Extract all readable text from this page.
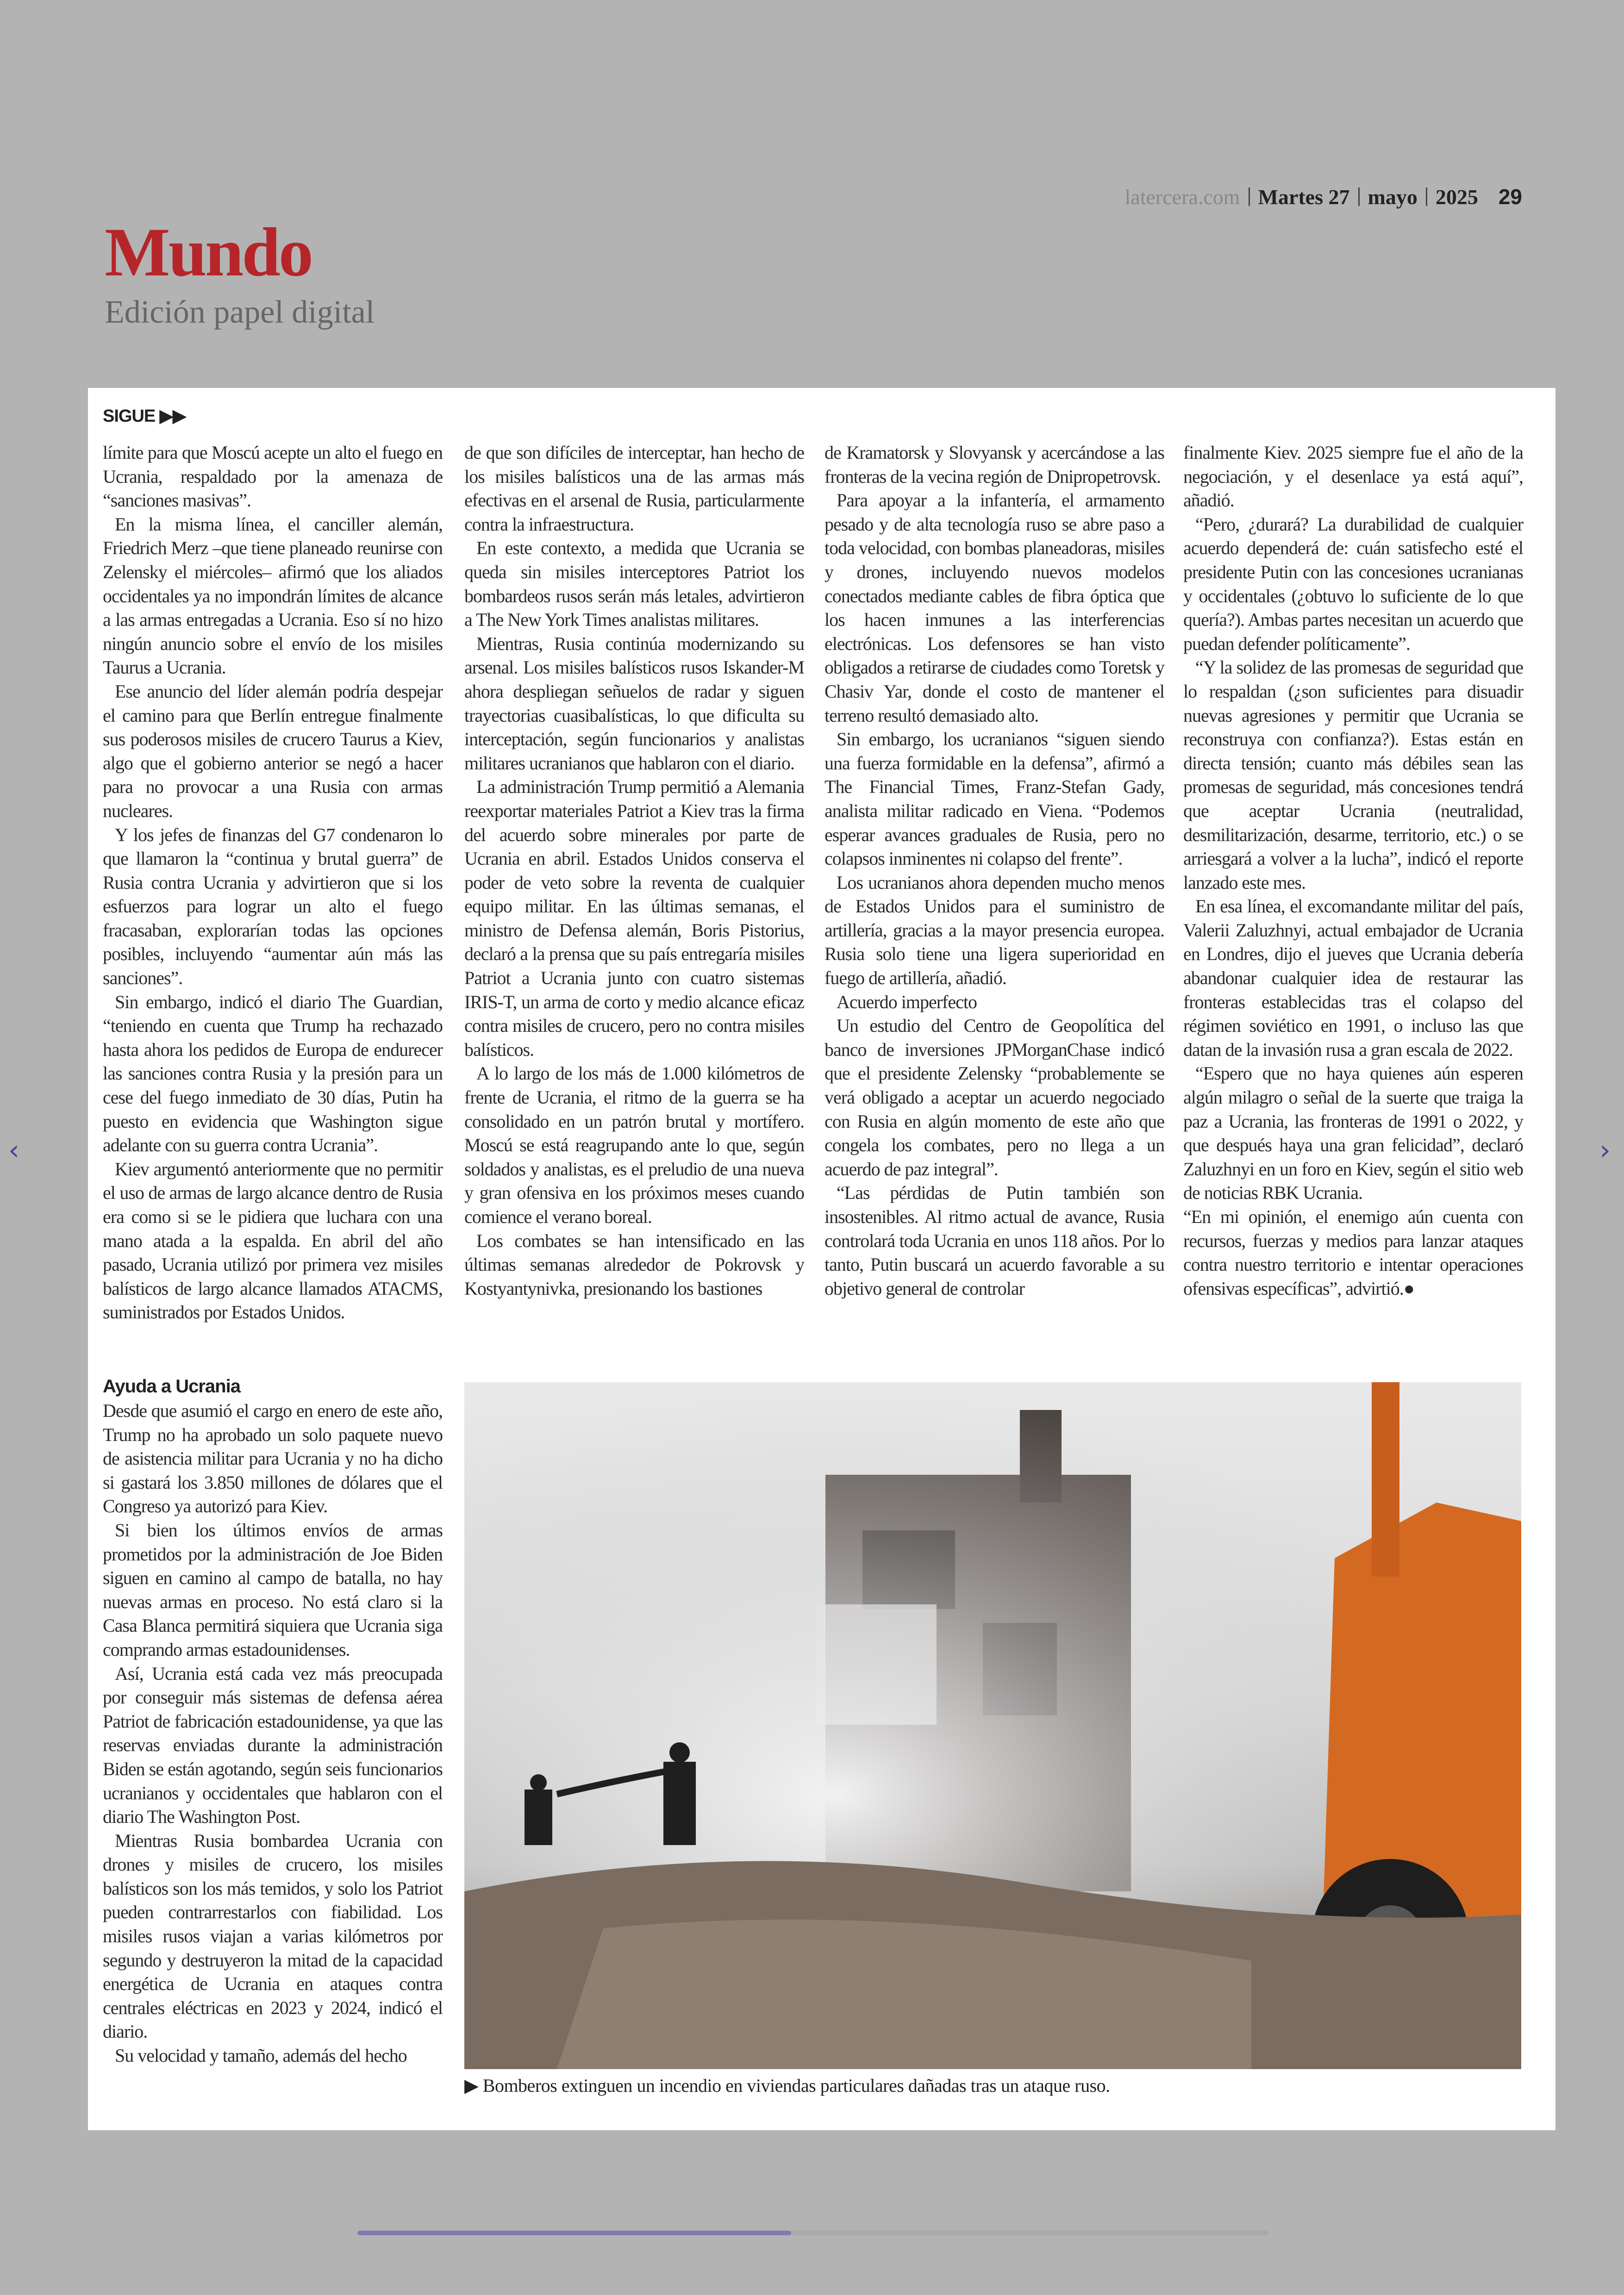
latercera.com Martes 27 mayo 2025 29
Mundo
Edición papel digital
SIGUE ▶▶

límite para que Moscú acepte un alto el fuego en Ucrania, respaldado por la amenaza de “sanciones masivas”.

En la misma línea, el canciller alemán, Friedrich Merz –que tiene planeado reunirse con Zelensky el miércoles– afirmó que los aliados occidentales ya no impondrán límites de alcance a las armas entregadas a Ucrania. Eso sí no hizo ningún anuncio sobre el envío de los misiles Taurus a Ucrania.

Ese anuncio del líder alemán podría despejar el camino para que Berlín entregue finalmente sus poderosos misiles de crucero Taurus a Kiev, algo que el gobierno anterior se negó a hacer para no provocar a una Rusia con armas nucleares.

Y los jefes de finanzas del G7 condenaron lo que llamaron la “continua y brutal guerra” de Rusia contra Ucrania y advirtieron que si los esfuerzos para lograr un alto el fuego fracasaban, explorarían todas las opciones posibles, incluyendo “aumentar aún más las sanciones”.

Sin embargo, indicó el diario The Guardian, “teniendo en cuenta que Trump ha rechazado hasta ahora los pedidos de Europa de endurecer las sanciones contra Rusia y la presión para un cese del fuego inmediato de 30 días, Putin ha puesto en evidencia que Washington sigue adelante con su guerra contra Ucrania”.

Kiev argumentó anteriormente que no permitir el uso de armas de largo alcance dentro de Rusia era como si se le pidiera que luchara con una mano atada a la espalda. En abril del año pasado, Ucrania utilizó por primera vez misiles balísticos de largo alcance llamados ATACMS, suministrados por Estados Unidos.

de que son difíciles de interceptar, han hecho de los misiles balísticos una de las armas más efectivas en el arsenal de Rusia, particularmente contra la infraestructura.

En este contexto, a medida que Ucrania se queda sin misiles interceptores Patriot los bombardeos rusos serán más letales, advirtieron a The New York Times analistas militares.

Mientras, Rusia continúa modernizando su arsenal. Los misiles balísticos rusos Iskander-M ahora despliegan señuelos de radar y siguen trayectorias cuasibalísticas, lo que dificulta su interceptación, según funcionarios y analistas militares ucranianos que hablaron con el diario.

La administración Trump permitió a Alemania reexportar materiales Patriot a Kiev tras la firma del acuerdo sobre minerales por parte de Ucrania en abril. Estados Unidos conserva el poder de veto sobre la reventa de cualquier equipo militar. En las últimas semanas, el ministro de Defensa alemán, Boris Pistorius, declaró a la prensa que su país entregaría misiles Patriot a Ucrania junto con cuatro sistemas IRIS-T, un arma de corto y medio alcance eficaz contra misiles de crucero, pero no contra misiles balísticos.

A lo largo de los más de 1.000 kilómetros de frente de Ucrania, el ritmo de la guerra se ha consolidado en un patrón brutal y mortífero. Moscú se está reagrupando ante lo que, según soldados y analistas, es el preludio de una nueva y gran ofensiva en los próximos meses cuando comience el verano boreal.

Los combates se han intensificado en las últimas semanas alrededor de Pokrovsk y Kostyantynivka, presionando los bastiones

de Kramatorsk y Slovyansk y acercándose a las fronteras de la vecina región de Dnipropetrovsk.

Para apoyar a la infantería, el armamento pesado y de alta tecnología ruso se abre paso a toda velocidad, con bombas planeadoras, misiles y drones, incluyendo nuevos modelos conectados mediante cables de fibra óptica que los hacen inmunes a las interferencias electrónicas. Los defensores se han visto obligados a retirarse de ciudades como Toretsk y Chasiv Yar, donde el costo de mantener el terreno resultó demasiado alto.

Sin embargo, los ucranianos “siguen siendo una fuerza formidable en la defensa”, afirmó a The Financial Times, Franz-Stefan Gady, analista militar radicado en Viena. “Podemos esperar avances graduales de Rusia, pero no colapsos inminentes ni colapso del frente”.

Los ucranianos ahora dependen mucho menos de Estados Unidos para el suministro de artillería, gracias a la mayor presencia europea. Rusia solo tiene una ligera superioridad en fuego de artillería, añadió.

Acuerdo imperfecto

Un estudio del Centro de Geopolítica del banco de inversiones JPMorganChase indicó que el presidente Zelensky “probablemente se verá obligado a aceptar un acuerdo negociado con Rusia en algún momento de este año que congela los combates, pero no llega a un acuerdo de paz integral”.

“Las pérdidas de Putin también son insostenibles. Al ritmo actual de avance, Rusia controlará toda Ucrania en unos 118 años. Por lo tanto, Putin buscará un acuerdo favorable a su objetivo general de controlar

finalmente Kiev. 2025 siempre fue el año de la negociación, y el desenlace ya está aquí”, añadió.

“Pero, ¿durará? La durabilidad de cualquier acuerdo dependerá de: cuán satisfecho esté el presidente Putin con las concesiones ucranianas y occidentales (¿obtuvo lo suficiente de lo que quería?). Ambas partes necesitan un acuerdo que puedan defender políticamente”.

“Y la solidez de las promesas de seguridad que lo respaldan (¿son suficientes para disuadir nuevas agresiones y permitir que Ucrania se reconstruya con confianza?). Estas están en directa tensión; cuanto más débiles sean las promesas de seguridad, más concesiones tendrá que aceptar Ucrania (neutralidad, desmilitarización, desarme, territorio, etc.) o se arriesgará a volver a la lucha”, indicó el reporte lanzado este mes.

En esa línea, el excomandante militar del país, Valerii Zaluzhnyi, actual embajador de Ucrania en Londres, dijo el jueves que Ucrania debería abandonar cualquier idea de restaurar las fronteras establecidas tras el colapso del régimen soviético en 1991, o incluso las que datan de la invasión rusa a gran escala de 2022.

“Espero que no haya quienes aún esperen algún milagro o señal de la suerte que traiga la paz a Ucrania, las fronteras de 1991 o 2022, y que después haya una gran felicidad”, declaró Zaluzhnyi en un foro en Kiev, según el sitio web de noticias RBK Ucrania.

“En mi opinión, el enemigo aún cuenta con recursos, fuerzas y medios para lanzar ataques contra nuestro territorio e intentar operaciones ofensivas específicas”, advirtió.●

Ayuda a Ucrania

Desde que asumió el cargo en enero de este año, Trump no ha aprobado un solo paquete nuevo de asistencia militar para Ucrania y no ha dicho si gastará los 3.850 millones de dólares que el Congreso ya autorizó para Kiev.

Si bien los últimos envíos de armas prometidos por la administración de Joe Biden siguen en camino al campo de batalla, no hay nuevas armas en proceso. No está claro si la Casa Blanca permitirá siquiera que Ucrania siga comprando armas estadounidenses.

Así, Ucrania está cada vez más preocupada por conseguir más sistemas de defensa aérea Patriot de fabricación estadounidense, ya que las reservas enviadas durante la administración Biden se están agotando, según seis funcionarios ucranianos y occidentales que hablaron con el diario The Washington Post.

Mientras Rusia bombardea Ucrania con drones y misiles de crucero, los misiles balísticos son los más temidos, y solo los Patriot pueden contrarrestarlos con fiabilidad. Los misiles rusos viajan a varias kilómetros por segundo y destruyeron la mitad de la capacidad energética de Ucrania en ataques contra centrales eléctricas en 2023 y 2024, indicó el diario.

Su velocidad y tamaño, además del hecho

▶ Bomberos extinguen un incendio en viviendas particulares dañadas tras un ataque ruso.
‹	›
